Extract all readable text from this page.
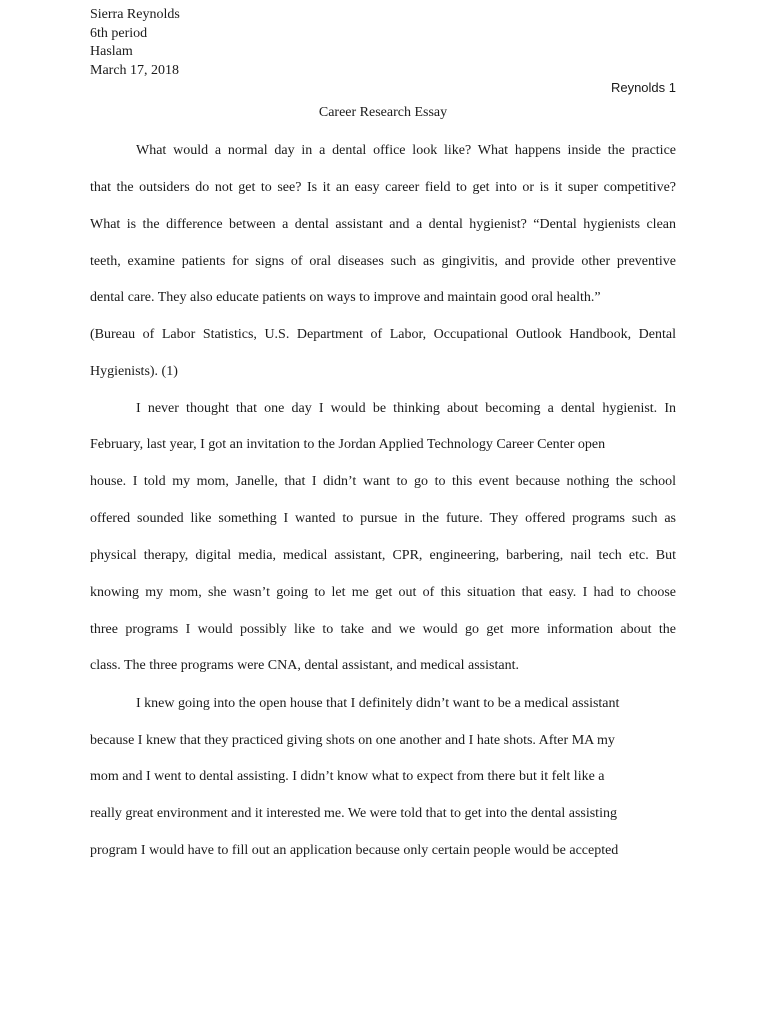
Sierra Reynolds
6th period
Haslam
March 17, 2018
Reynolds 1
Career Research Essay
What would a normal day in a dental office look like? What happens inside the practice
that the outsiders do not get to see? Is it an easy career field to get into or is it super competitive?
What is the difference between a dental assistant and a dental hygienist? “Dental hygienists clean
teeth, examine patients for signs of oral diseases such as gingivitis, and provide other preventive
dental care. They also educate patients on ways to improve and maintain good oral health.”
(Bureau of Labor Statistics, U.S. Department of Labor, Occupational Outlook Handbook, Dental
Hygienists). (1)
I never thought that one day I would be thinking about becoming a dental hygienist. In
February, last year, I got an invitation to the Jordan Applied Technology Career Center open
house. I told my mom, Janelle, that I didn’t want to go to this event because nothing the school
offered sounded like something I wanted to pursue in the future. They offered programs such as
physical therapy, digital media, medical assistant, CPR, engineering, barbering, nail tech etc. But
knowing my mom, she wasn’t going to let me get out of this situation that easy. I had to choose
three programs I would possibly like to take and we would go get more information about the
class. The three programs were CNA, dental assistant, and medical assistant.
I knew going into the open house that I definitely didn’t want to be a medical assistant
because I knew that they practiced giving shots on one another and I hate shots. After MA my
mom and I went to dental assisting. I didn’t know what to expect from there but it felt like a
really great environment and it interested me. We were told that to get into the dental assisting
program I would have to fill out an application because only certain people would be accepted
